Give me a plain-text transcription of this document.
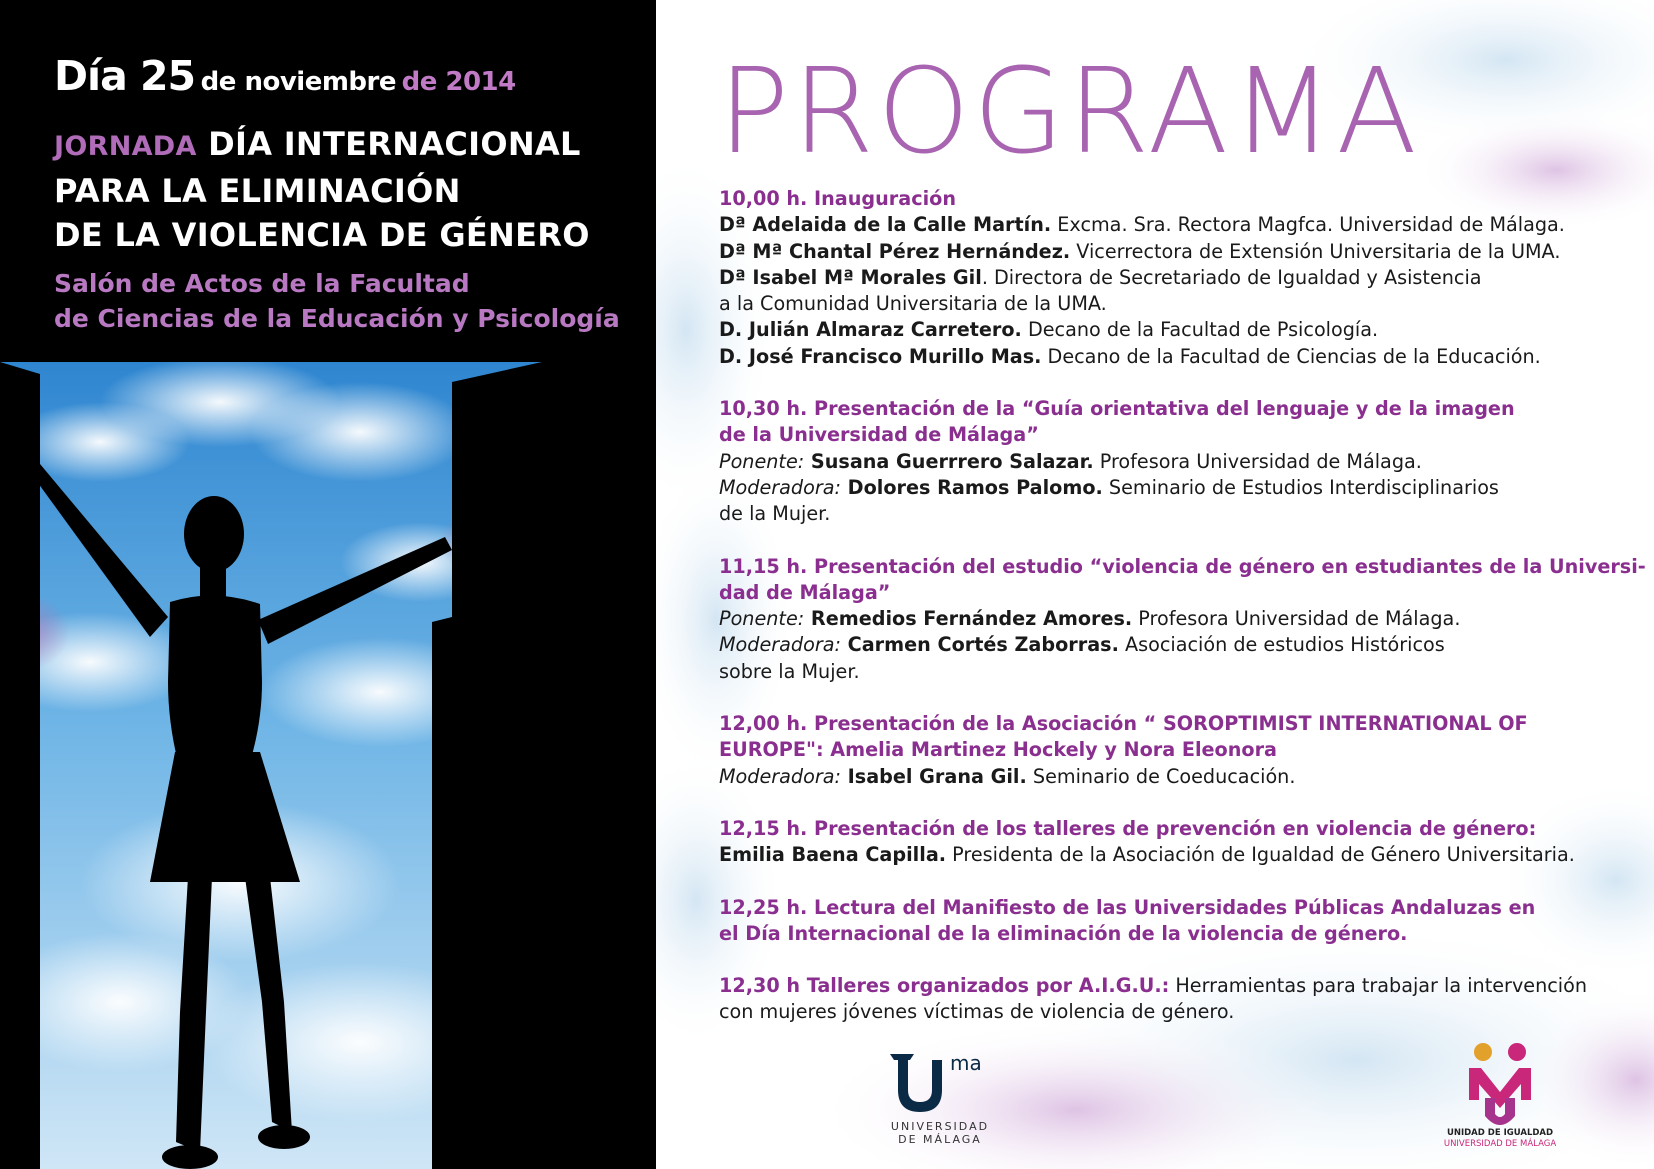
Día 25 de noviembre de 2014
JORNADA DÍA INTERNACIONAL
PARA LA ELIMINACIÓN
DE LA VIOLENCIA DE GÉNERO
Salón de Actos de la Facultad
de Ciencias de la Educación y Psicología
PROGRAMA
10,00 h. Inauguración
Dª Adelaida de la Calle Martín. Excma. Sra. Rectora Magfca. Universidad de Málaga.
Dª Mª Chantal Pérez Hernández. Vicerrectora de Extensión Universitaria de la UMA.
Dª Isabel Mª Morales Gil. Directora de Secretariado de Igualdad y Asistencia
a la Comunidad Universitaria de la UMA.
D. Julián Almaraz Carretero. Decano de la Facultad de Psicología.
D. José Francisco Murillo Mas. Decano de la Facultad de Ciencias de la Educación.
10,30 h. Presentación de la “Guía orientativa del lenguaje y de la imagen
de la Universidad de Málaga”
Ponente: Susana Guerrrero Salazar. Profesora Universidad de Málaga.
Moderadora: Dolores Ramos Palomo. Seminario de Estudios Interdisciplinarios
de la Mujer.
11,15 h. Presentación del estudio “violencia de género en estudiantes de la Universi-
dad de Málaga”
Ponente: Remedios Fernández Amores. Profesora Universidad de Málaga.
Moderadora: Carmen Cortés Zaborras. Asociación de estudios Históricos
sobre la Mujer.
12,00 h. Presentación de la Asociación “ SOROPTIMIST INTERNATIONAL OF
EUROPE": Amelia Martinez Hockely y Nora Eleonora
Moderadora: Isabel Grana Gil. Seminario de Coeducación.
12,15 h. Presentación de los talleres de prevención en violencia de género:
Emilia Baena Capilla. Presidenta de la Asociación de Igualdad de Género Universitaria.
12,25 h. Lectura del Manifiesto de las Universidades Públicas Andaluzas en
el Día Internacional de la eliminación de la violencia de género.
12,30 h Talleres organizados por A.I.G.U.: Herramientas para trabajar la intervención
con mujeres jóvenes víctimas de violencia de género.
ma
UNIVERSIDAD
DE MÁLAGA	UNIDAD DE IGUALDAD
UNIVERSIDAD DE MÁLAGA
